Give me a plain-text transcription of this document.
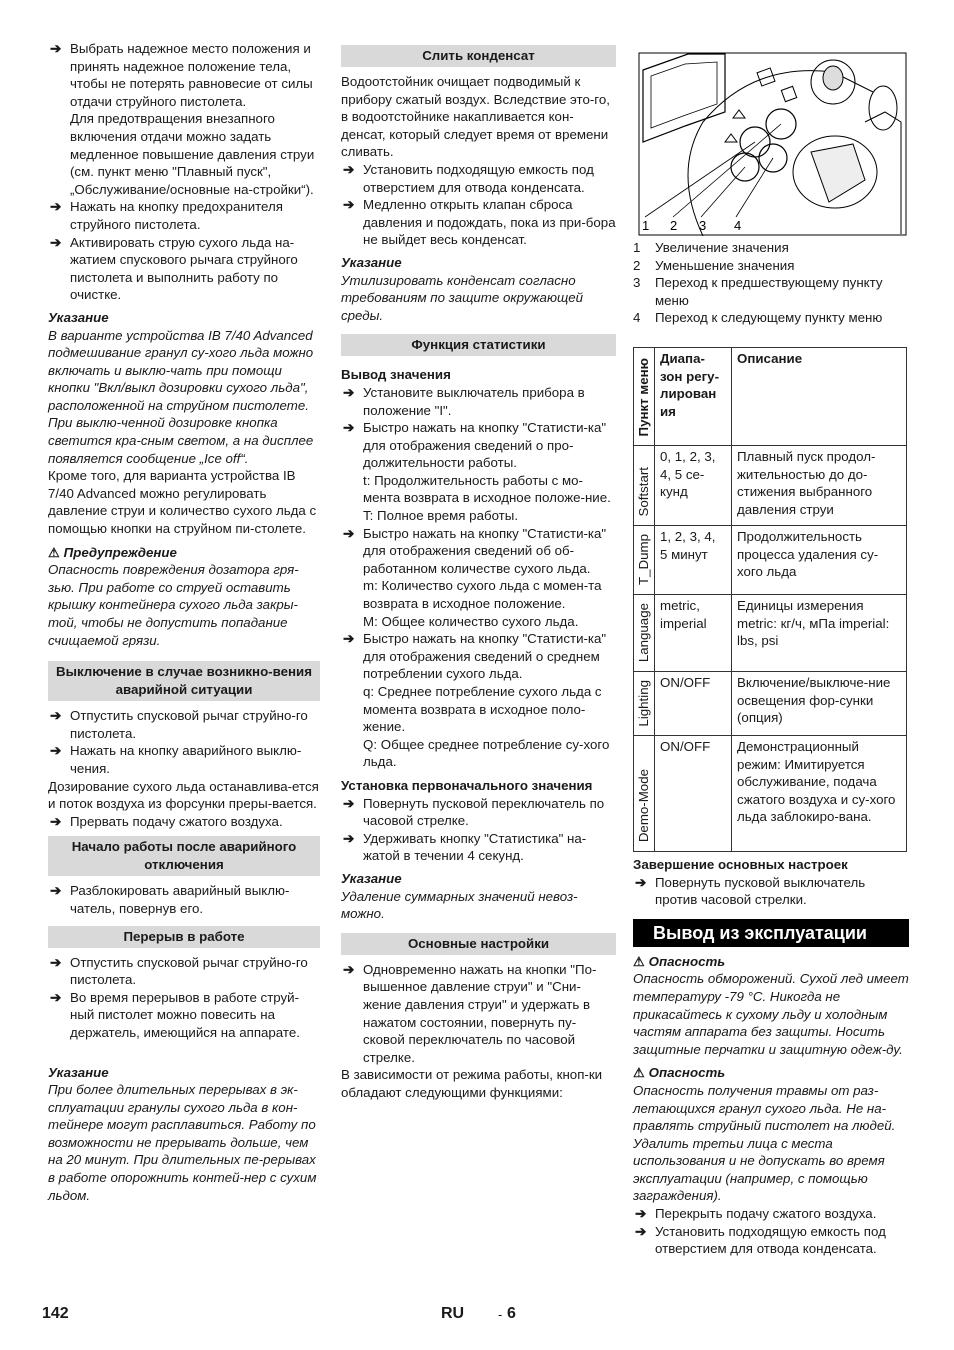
➔ Выбрать надежное место положения и принять надежное положение тела, чтобы не потерять равновесие от силы отдачи струйного пистолета.
Для предотвращения внезапного включения отдачи можно задать медленное повышение давления струи (см. пункт меню "Плавный пуск", „Обслуживание/основные на-стройки“).
➔ Нажать на кнопку предохранителя струйного пистолета.
➔ Активировать струю сухого льда на-жатием спускового рычага струйного пистолета и выполнить работу по очистке.

Указание

В варианте устройства IB 7/40 Advanced подмешивание гранул су-хого льда можно включать и выклю-чать при помощи кнопки "Вкл/выкл дозировки сухого льда", расположенной на струйном пистолете. При выклю-ченной дозировке кнопка светится кра-сным светом, а на дисплее появляется сообщение „Ice off“.

Кроме того, для варианта устройства IB 7/40 Advanced можно регулировать давление струи и количество сухого льда с помощью кнопки на струйном пи-столете.

⚠ Предупреждение

Опасность повреждения дозатора гря-зью. При работе со струей оставить крышку контейнера сухого льда закры-той, чтобы не допустить попадание счищаемой грязи.

Выключение в случае возникно-вения аварийной ситуации
➔ Отпустить спусковой рычаг струйно-го пистолета.
➔ Нажать на кнопку аварийного выклю-чения.

Дозирование сухого льда останавлива-ется и поток воздуха из форсунки преры-вается.

➔ Прервать подачу сжатого воздуха.
Начало работы после аварийного отключения
➔ Разблокировать аварийный выклю-чатель, повернув его.
Перерыв в работе
➔ Отпустить спусковой рычаг струйно-го пистолета.
➔ Во время перерывов в работе струй-ный пистолет можно повесить на держатель, имеющийся на аппарате.

Указание

При более длительных перерывах в эк-сплуатации гранулы сухого льда в кон-тейнере могут расплавиться. Работу по возможности не прерывать дольше, чем на 20 минут. При длительных пе-рерывах в работе опорожнить контей-нер с сухим льдом.

Слить конденсат

Водоотстойник очищает подводимый к прибору сжатый воздух. Вследствие это-го, в водоотстойнике накапливается кон-денсат, который следует время от времени сливать.

➔ Установить подходящую емкость под отверстием для отвода конденсата.
➔ Медленно открыть клапан сброса давления и подождать, пока из при-бора не выйдет весь конденсат.

Указание

Утилизировать конденсат согласно требованиям по защите окружающей среды.

Функция статистики

Вывод значения

➔ Установите выключатель прибора в положение "I".
➔ Быстро нажать на кнопку "Статисти-ка" для отображения сведений о про-должительности работы.
t: Продолжительность работы с мо-мента возврата в исходное положе-ние.
T: Полное время работы.
➔ Быстро нажать на кнопку "Статисти-ка" для отображения сведений об об-работанном количестве сухого льда.
m: Количество сухого льда с момен-та возврата в исходное положение.
M: Общее количество сухого льда.
➔ Быстро нажать на кнопку "Статисти-ка" для отображения сведений о среднем потреблении сухого льда.
q: Среднее потребление сухого льда с момента возврата в исходное поло-жение.
Q: Общее среднее потребление су-хого льда.

Установка первоначального значения

➔ Повернуть пусковой переключатель по часовой стрелке.
➔ Удерживать кнопку "Статистика" на-жатой в течении 4 секунд.

Указание

Удаление суммарных значений невоз-можно.

Основные настройки
➔ Одновременно нажать на кнопки "По-вышенное давление струи" и "Сни-жение давления струи" и удержать в нажатом состоянии, повернуть пу-сковой переключатель по часовой стрелке.

В зависимости от режима работы, кноп-ки обладают следующими функциями:

1 2 3 4
1	Увеличение значения
2	Уменьшение значения
3	Переход к предшествующему пункту меню
4	Переход к следующему пункту меню
Пункт меню	Диапа-зон регу-лирован ия	Описание
Softstart	0, 1, 2, 3, 4, 5 се-кунд	Плавный пуск продол-жительностью до до-стижения выбранного давления струи
T_Dump	1, 2, 3, 4, 5 минут	Продолжительность процесса удаления су-хого льда
Language	metric, imperial	Единицы измерения metric: кг/ч, мПа imperial: lbs, psi
Lighting	ON/OFF	Включение/выключе-ние освещения фор-сунки (опция)
Demo-Mode	ON/OFF	Демонстрационный режим: Имитируется обслуживание, подача сжатого воздуха и су-хого льда заблокиро-вана.

Завершение основных настроек

➔ Повернуть пусковой выключатель против часовой стрелки.
Вывод из эксплуатации

⚠ Опасность

Опасность обморожений. Сухой лед имеет температуру -79 °C. Никогда не прикасайтесь к сухому льду и холодным частям аппарата без защиты. Носить защитные перчатки и защитную одеж-ду.

⚠ Опасность

Опасность получения травмы от раз-летающихся гранул сухого льда. Не на-правлять струйный пистолет на людей. Удалить третьи лица с места использования и не допускать во время эксплуатации (например, с помощью заграждения).

➔ Перекрыть подачу сжатого воздуха.
➔ Установить подходящую емкость под отверстием для отвода конденсата.
142	RU	- 6
